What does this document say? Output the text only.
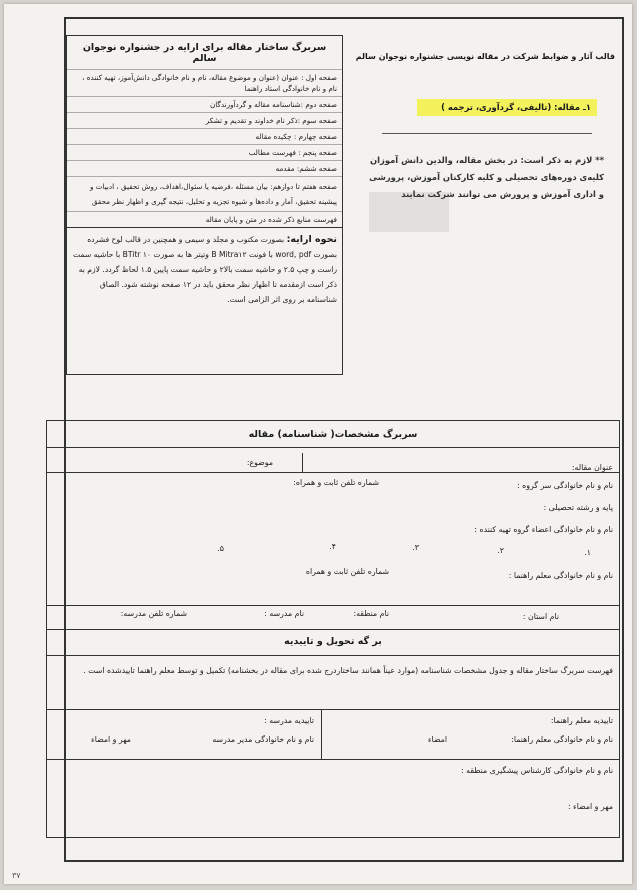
سربرگ ساختار مقاله برای ارایه در جشنواره نوجوان سالم
صفحه اول : عنوان (عنوان و موضوع مقاله، نام و نام خانوادگی دانش‌آموز، تهیه کننده ، نام و نام خانوادگی استاد راهنما
صفحه دوم :شناسنامه مقاله و گردآورندگان
صفحه سوم :ذکر نام خداوند و تقدیم و تشکر
صفحه چهارم : چکیده مقاله
صفحه پنجم : فهرست مطالب
صفحه ششم: مقدمه
صفحه هفتم تا دوازهم: بیان مسئله ،فرضیه یا سئوال،اهداف، روش تحقیق ، ادبیات و پیشینه تحقیق، آمار و داده‌ها و شیوه تجزیه و تحلیل، نتیجه گیری و اظهار نظر محقق
فهرست منابع ذکر شده در متن و پایان مقاله
نحوه ارایه: بصورت مکتوب و مجلد و سیمی و همچنین در قالب لوح فشرده بصورت word, pdf با فونت B Mitra۱۲ وتیتر ها به صورت BTitr ۱۰ با حاشیه سمت راست و چپ ۲.۵ و حاشیه سمت بالا۲ و حاشیه سمت پایین ۱.۵ لحاظ گردد. لازم به ذکر است ازمقدمه تا اظهار نظر محقق باید در ۱۲ صفحه نوشته شود. الصاق شناسنامه بر روی اثر الزامی است.
قالب آثار و ضوابط شرکت در مقاله نویسی جشنواره نوجوان سالم
۱ـ مقاله: (تالیفی، گردآوری، ترجمه )
** لازم به ذکر است: در بخش مقاله، والدین دانش آموزان کلیه‌ی دوره‌های تحصیلی و کلیه کارکنان آموزش، پرورشی و اداری آموزش و پرورش می توانند شرکت نمایند
سربرگ مشخصات( شناسنامه) مقاله
عنوان مقاله:
موضوع:
نام و نام خانوادگی سر گروه :
شماره تلفن ثابت و همراه:
پایه و رشته تحصیلی :
نام و نام خانوادگی اعضاء گروه تهیه کننده :
۱.
۲.
۳.
۴.
۵.
نام و نام خانوادگی معلم راهنما :
شماره تلفن ثابت و همراه
نام استان :
نام منطقه:
نام مدرسه :
شماره تلفن مدرسه:
بر گه تحویل و تاییدیه
فهرست سربرگ ساختار مقاله و جدول مشخصات شناسنامه (موارد عیناً همانند ساختاردرج شده برای مقاله در بخشنامه) تکمیل و توسط معلم راهنما تاییدشده است .
تاییدیه معلم راهنما:
نام و نام خانوادگی معلم راهنما:
امضاء
تاییدیه مدرسه :
نام و نام خانوادگی مدیر مدرسه
مهر و امضاء
نام و نام خانوادگی کارشناس پیشگیری منطقه :
مهر و امضاء :
۳۷
